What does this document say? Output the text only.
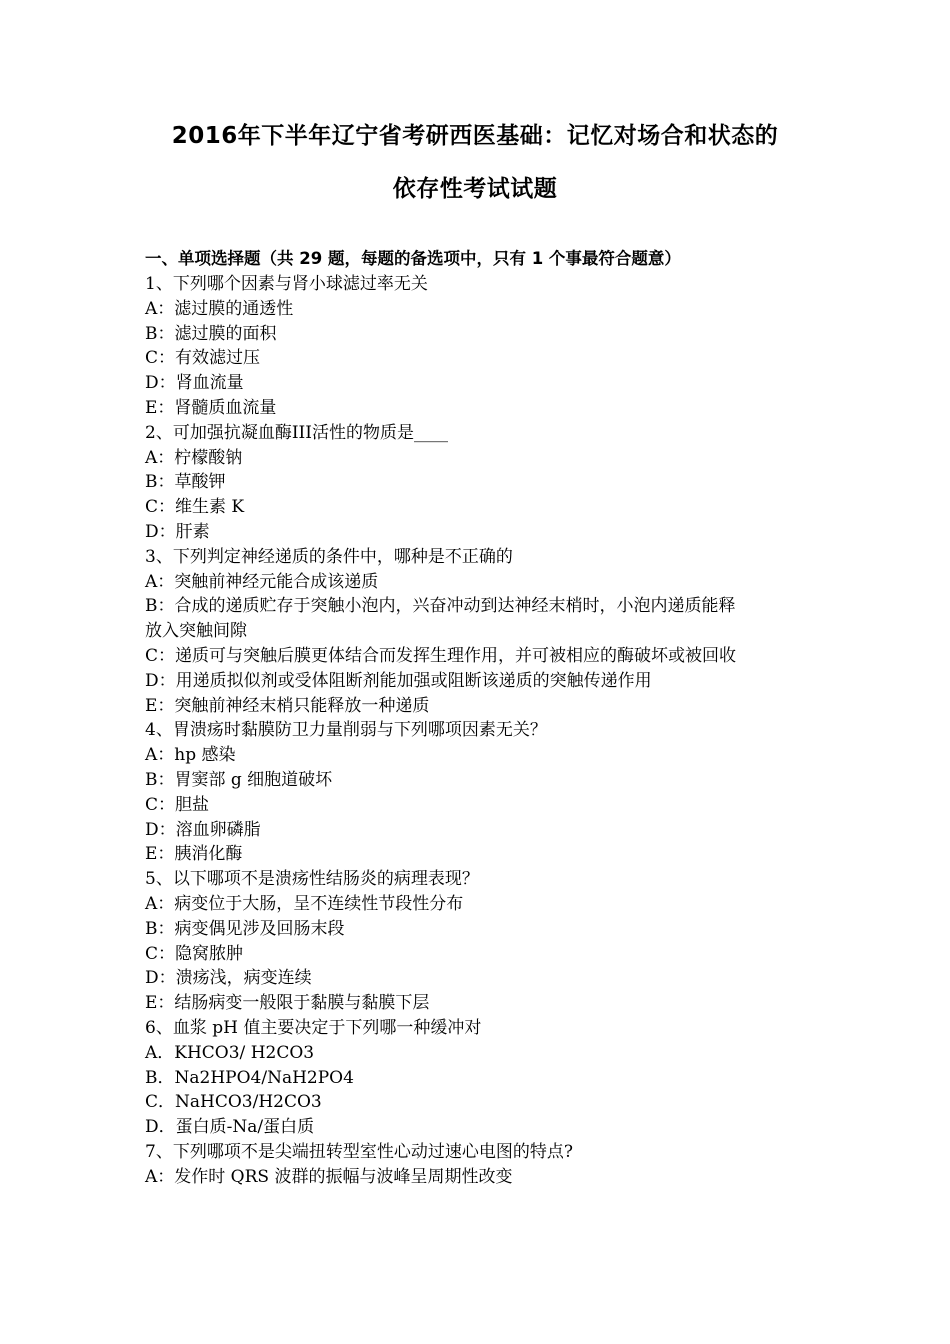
2016年下半年辽宁省考研西医基础：记忆对场合和状态的
依存性考试试题
一、单项选择题（共 29 题，每题的备选项中，只有 1 个事最符合题意）
1、下列哪个因素与肾小球滤过率无关
A：滤过膜的通透性
B：滤过膜的面积
C：有效滤过压
D：肾血流量
E：肾髓质血流量
2、可加强抗凝血酶III活性的物质是____
A：柠檬酸钠
B：草酸钾
C：维生素 K
D：肝素
3、下列判定神经递质的条件中，哪种是不正确的
A：突触前神经元能合成该递质
B：合成的递质贮存于突触小泡内，兴奋冲动到达神经末梢时，小泡内递质能释
放入突触间隙
C：递质可与突触后膜更体结合而发挥生理作用，并可被相应的酶破坏或被回收
D：用递质拟似剂或受体阻断剂能加强或阻断该递质的突触传递作用
E：突触前神经末梢只能释放一种递质
4、胃溃疡时黏膜防卫力量削弱与下列哪项因素无关？
A：hp 感染
B：胃窦部 g 细胞道破坏
C：胆盐
D：溶血卵磷脂
E：胰消化酶
5、以下哪项不是溃疡性结肠炎的病理表现？
A：病变位于大肠，呈不连续性节段性分布
B：病变偶见涉及回肠末段
C：隐窝脓肿
D：溃疡浅，病变连续
E：结肠病变一般限于黏膜与黏膜下层
6、血浆 pH 值主要决定于下列哪一种缓冲对
A．KHCO3/ H2CO3
B．Na2HPO4/NaH2PO4
C．NaHCO3/H2CO3
D．蛋白质-Na/蛋白质
7、下列哪项不是尖端扭转型室性心动过速心电图的特点?
A：发作时 QRS 波群的振幅与波峰呈周期性改变
